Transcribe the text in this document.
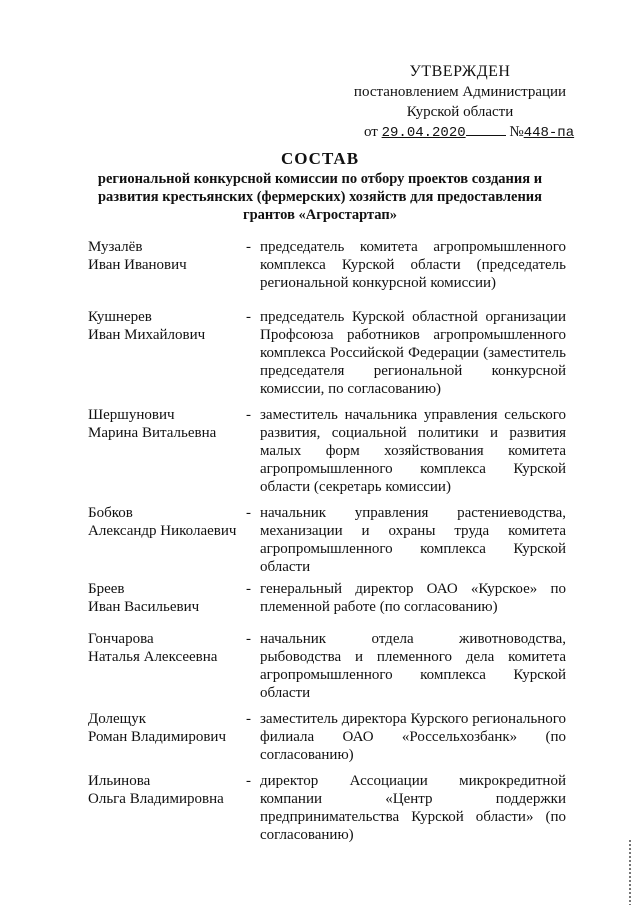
УТВЕРЖДЕН
постановлением Администрации
Курской области
от 29.04.2020	№448-па
СОСТАВ
региональной конкурсной комиссии по отбору проектов создания и
развития крестьянских (фермерских) хозяйств для предоставления
грантов «Агростартап»
Музалёв
Иван Иванович
- председатель комитета агропромышленного комплекса Курской области (председатель региональной конкурсной комиссии)
Кушнерев
Иван Михайлович
- председатель Курской областной организации Профсоюза работников агропромышленного комплекса Российской Федерации (заместитель председателя региональной конкурсной комиссии, по согласованию)
Шершунович
Марина Витальевна
- заместитель начальника управления сельского развития, социальной политики и развития малых форм хозяйствования комитета агропромышленного комплекса Курской области (секретарь комиссии)
Бобков
Александр Николаевич
- начальник управления растениеводства, механизации и охраны труда комитета агропромышленного комплекса Курской области
Бреев
Иван Васильевич
- генеральный директор ОАО «Курское» по племенной работе (по согласованию)
Гончарова
Наталья Алексеевна
- начальник отдела животноводства, рыбоводства и племенного дела комитета агропромышленного комплекса Курской области
Долещук
Роман Владимирович
- заместитель директора Курского регионального филиала ОАО «Россельхозбанк» (по согласованию)
Ильинова
Ольга Владимировна
- директор Ассоциации микрокредитной компании «Центр поддержки предпринимательства Курской области» (по согласованию)
